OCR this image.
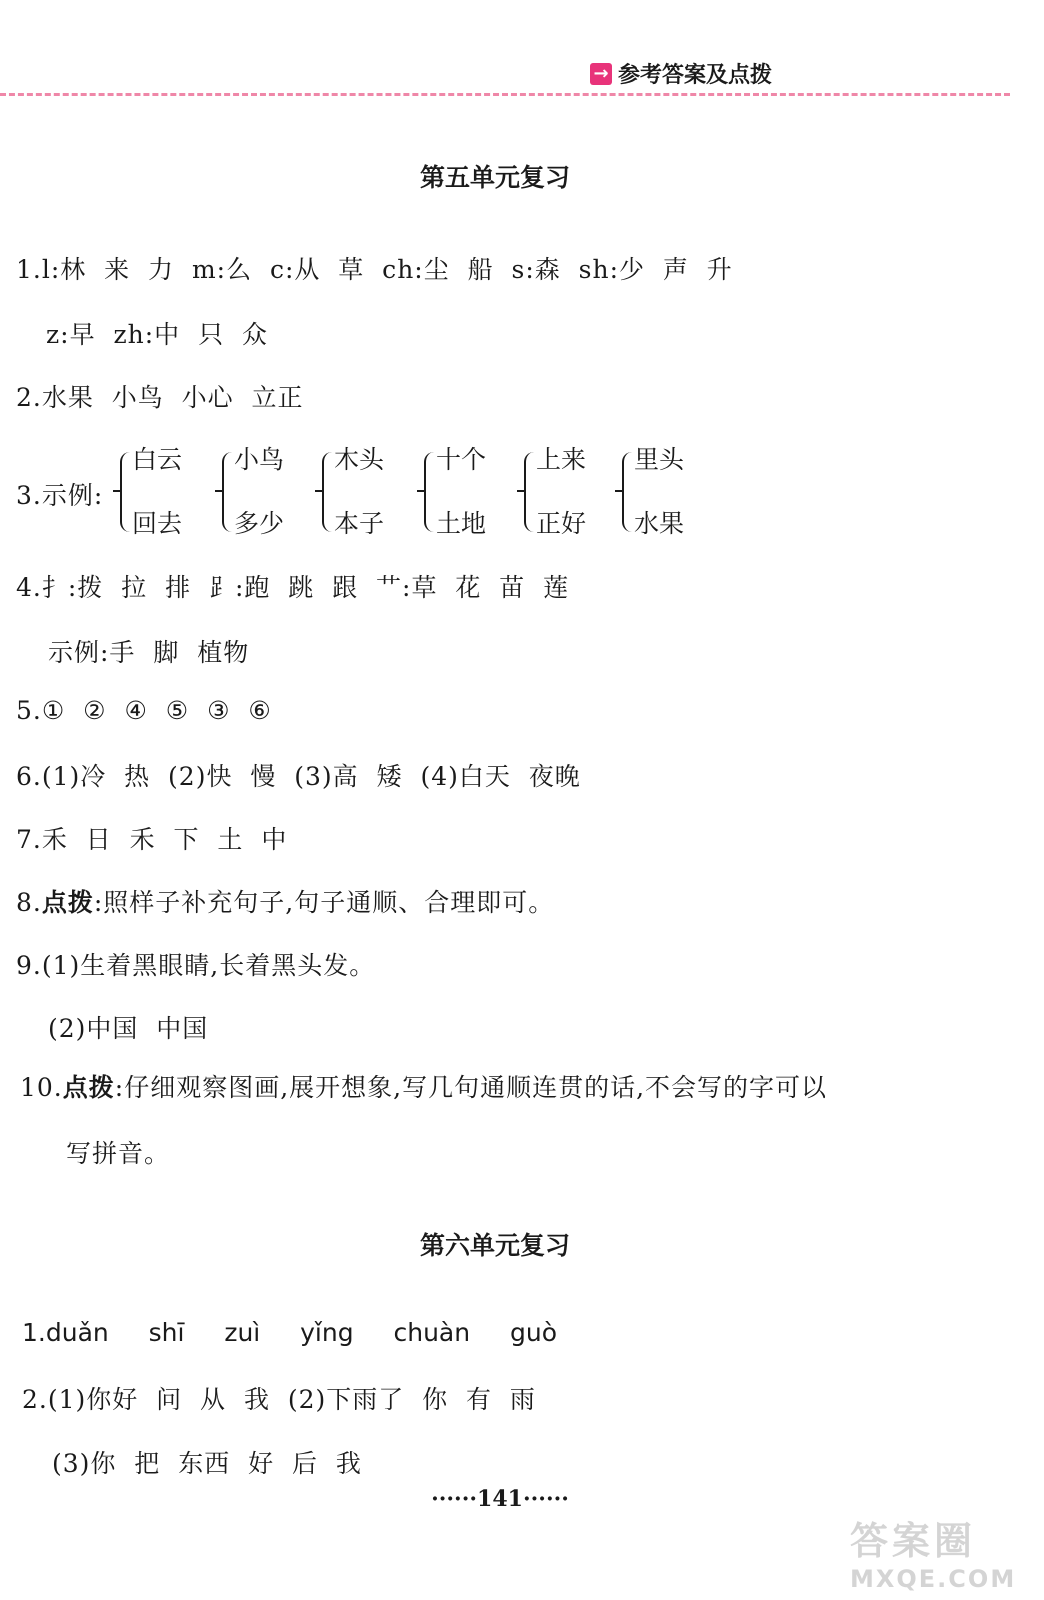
→ 参考答案及点拨
第五单元复习
1.l:林  来  力  m:么  c:从  草  ch:尘  船  s:森  sh:少  声  升
z:早  zh:中  只  众
2.水果  小鸟  小心  立正
3.示例:
白云
回去
小鸟
多少
木头
本子
十个
土地
上来
正好
里头
水果
4.扌:拨  拉  排  ⻊:跑  跳  跟  艹:草  花  苗  莲
示例:手  脚  植物
5.①  ②  ④  ⑤  ③  ⑥
6.(1)冷  热  (2)快  慢  (3)高  矮  (4)白天  夜晚
7.禾  日  禾  下  土  中
8.点拨:照样子补充句子,句子通顺、合理即可。
9.(1)生着黑眼睛,长着黑头发。
(2)中国  中国
10.点拨:仔细观察图画,展开想象,写几句通顺连贯的话,不会写的字可以
写拼音。
第六单元复习
1.duǎn  shī  zuì  yǐng  chuàn  guò
2.(1)你好  问  从  我  (2)下雨了  你  有  雨
(3)你  把  东西  好  后  我
······141······
答案圈
MXQE.COM
